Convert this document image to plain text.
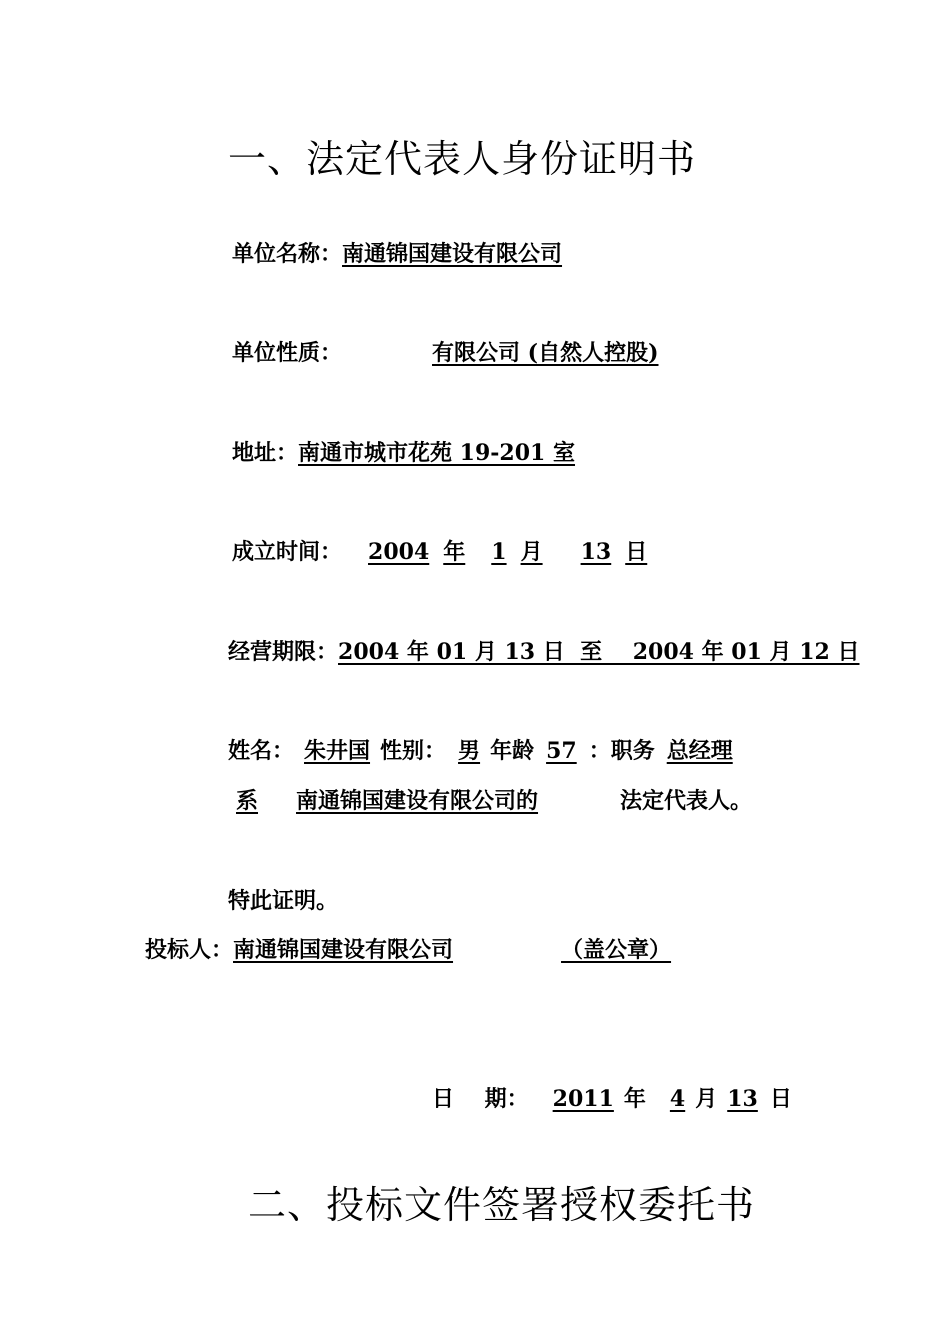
一、法定代表人身份证明书
单位名称：南通锦国建设有限公司
单位性质：	有限公司 (自然人控股)
地址：南通市城市花苑 19-201 室
成立时间： 2004 年 1 月 13 日
经营期限：2004 年 01 月 13 日  至    2004 年 01 月 12 日
姓名： 朱井国 性别： 男 年龄 57 ：职务 总经理
系 南通锦国建设有限公司的	法定代表人。
特此证明。
投标人：南通锦国建设有限公司	（盖公章）
日    期： 2011 年 4 月 13 日
二、投标文件签署授权委托书
